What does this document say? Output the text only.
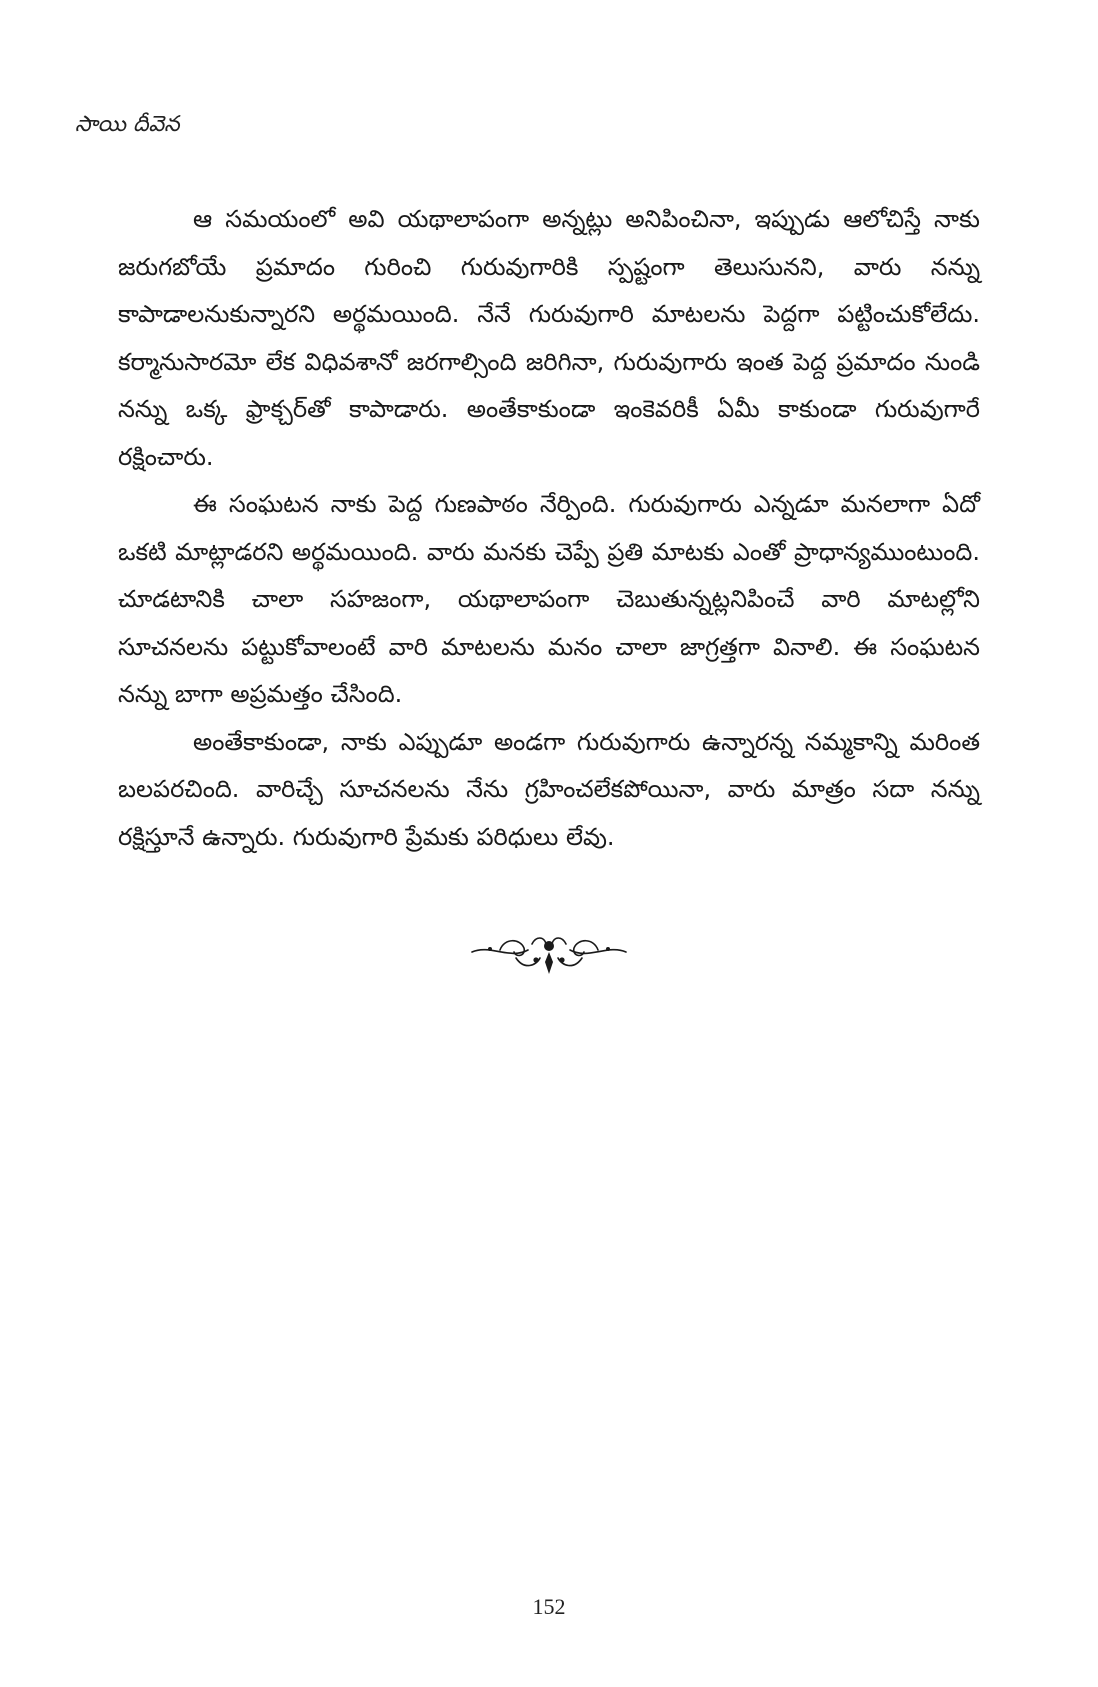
సాయి దీవెన

ఆ సమయంలో అవి యథాలాపంగా అన్నట్లు అనిపించినా, ఇప్పుడు ఆలోచిస్తే నాకు జరుగబోయే ప్రమాదం గురించి గురువుగారికి స్పష్టంగా తెలుసునని, వారు నన్ను కాపాడాలనుకున్నారని అర్థమయింది. నేనే గురువుగారి మాటలను పెద్దగా పట్టించుకోలేదు. కర్మానుసారమో లేక విధివశానో జరగాల్సింది జరిగినా, గురువుగారు ఇంత పెద్ద ప్రమాదం నుండి నన్ను ఒక్క ఫ్రాక్చర్‌తో కాపాడారు. అంతేకాకుండా ఇంకెవరికీ ఏమీ కాకుండా గురువుగారే రక్షించారు.

ఈ సంఘటన నాకు పెద్ద గుణపాఠం నేర్పింది. గురువుగారు ఎన్నడూ మనలాగా ఏదో ఒకటి మాట్లాడరని అర్థమయింది. వారు మనకు చెప్పే ప్రతి మాటకు ఎంతో ప్రాధాన్యముంటుంది. చూడటానికి చాలా సహజంగా, యథాలాపంగా చెబుతున్నట్లనిపించే వారి మాటల్లోని సూచనలను పట్టుకోవాలంటే వారి మాటలను మనం చాలా జాగ్రత్తగా వినాలి. ఈ సంఘటన నన్ను బాగా అప్రమత్తం చేసింది.

అంతేకాకుండా, నాకు ఎప్పుడూ అండగా గురువుగారు ఉన్నారన్న నమ్మకాన్ని మరింత బలపరచింది. వారిచ్చే సూచనలను నేను గ్రహించలేకపోయినా, వారు మాత్రం సదా నన్ను రక్షిస్తూనే ఉన్నారు. గురువుగారి ప్రేమకు పరిధులు లేవు.

152
